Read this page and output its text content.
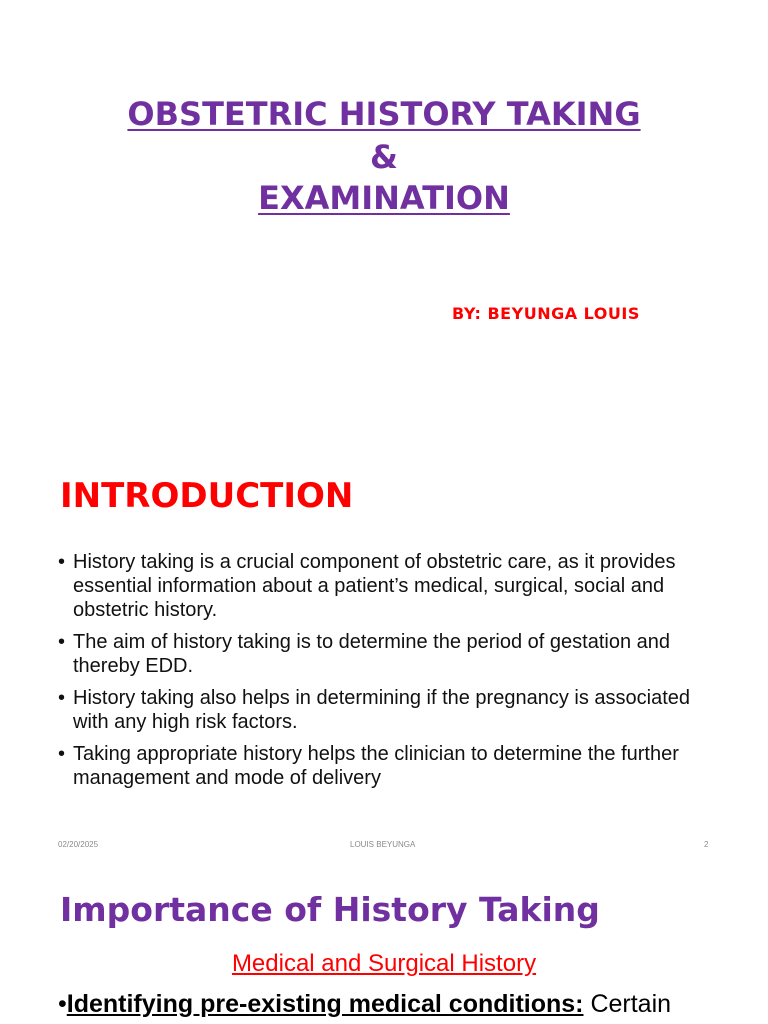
OBSTETRIC HISTORY TAKING
&
EXAMINATION
BY: BEYUNGA LOUIS
INTRODUCTION
• History taking is a crucial component of obstetric care, as it provides essential information about a patient’s medical, surgical, social and obstetric history.
• The aim of history taking is to determine the period of gestation and thereby EDD.
• History taking also helps in determining if the pregnancy is associated with any high risk factors.
• Taking appropriate history helps the clinician to determine the further management and mode of delivery
02/20/2025	LOUIS BEYUNGA	2
Importance of History Taking
Medical and Surgical History
•Identifying pre-existing medical conditions: Certain
